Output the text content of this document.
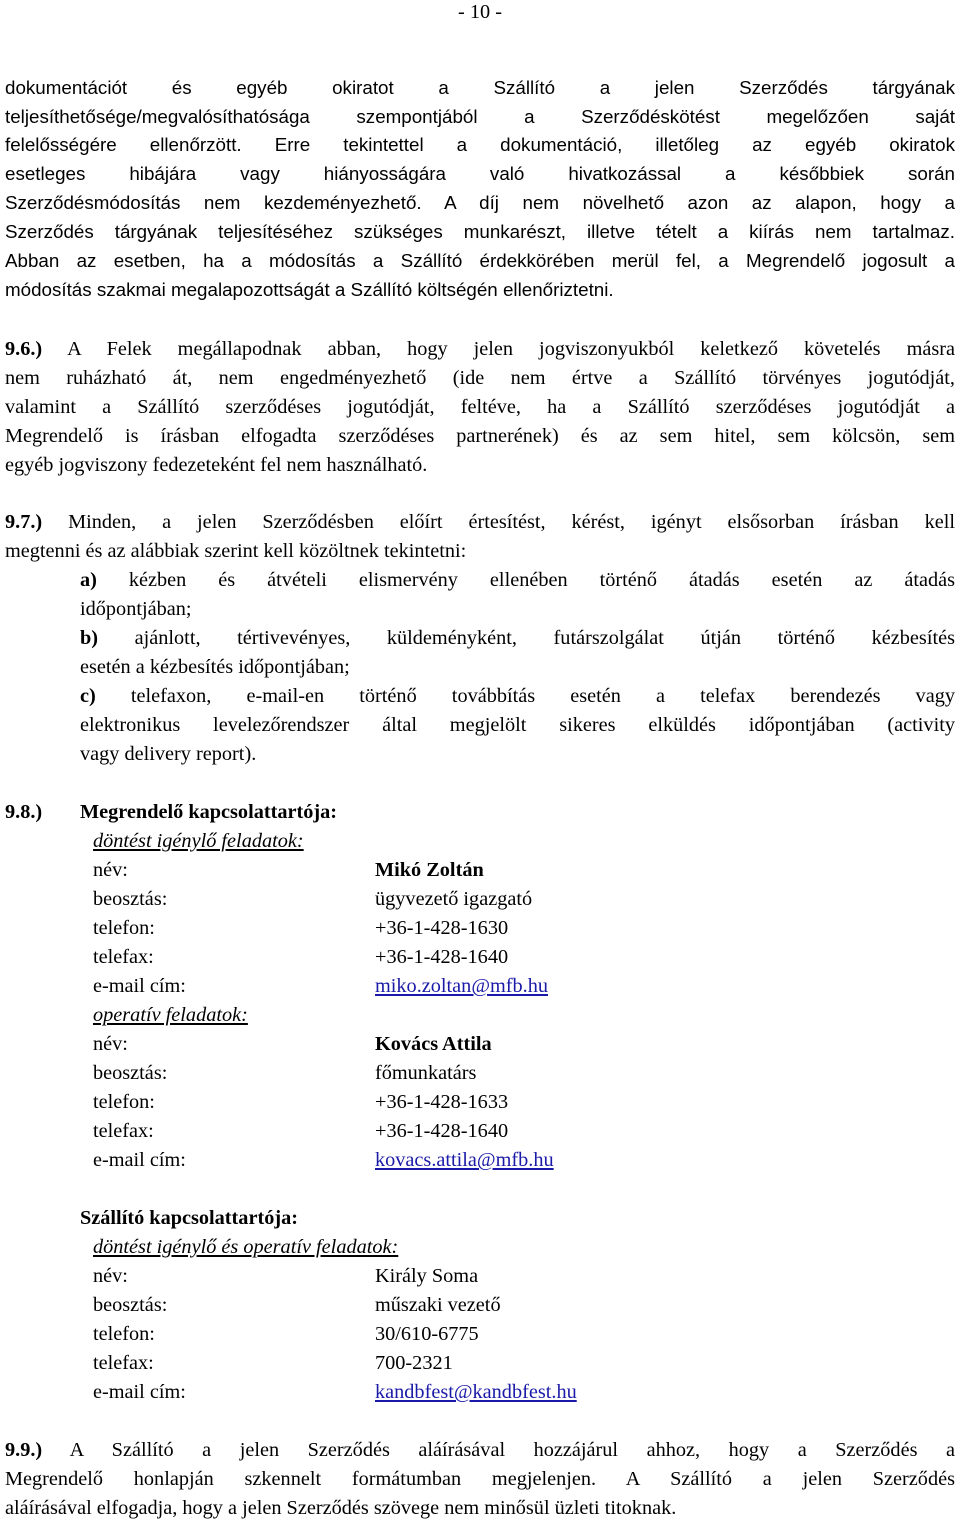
- 10 -
dokumentációt és egyéb okiratot a Szállító a jelen Szerződés tárgyának
teljesíthetősége/megvalósíthatósága szempontjából a Szerződéskötést megelőzően saját
felelősségére ellenőrzött. Erre tekintettel a dokumentáció, illetőleg az egyéb okiratok
esetleges hibájára vagy hiányosságára való hivatkozással a későbbiek során
Szerződésmódosítás nem kezdeményezhető. A díj nem növelhető azon az alapon, hogy a
Szerződés tárgyának teljesítéséhez szükséges munkarészt, illetve tételt a kiírás nem tartalmaz.
Abban az esetben, ha a módosítás a Szállító érdekkörében merül fel, a Megrendelő jogosult a
módosítás szakmai megalapozottságát a Szállító költségén ellenőriztetni.
9.6.) A Felek megállapodnak abban, hogy jelen jogviszonyukból keletkező követelés másra
nem ruházható át, nem engedményezhető (ide nem értve a Szállító törvényes jogutódját,
valamint a Szállító szerződéses jogutódját, feltéve, ha a Szállító szerződéses jogutódját a
Megrendelő is írásban elfogadta szerződéses partnerének) és az sem hitel, sem kölcsön, sem
egyéb jogviszony fedezeteként fel nem használható.
9.7.) Minden, a jelen Szerződésben előírt értesítést, kérést, igényt elsősorban írásban kell
megtenni és az alábbiak szerint kell közöltnek tekintetni:
a) kézben és átvételi elismervény ellenében történő átadás esetén az átadás
időpontjában;
b) ajánlott, tértivevényes, küldeményként, futárszolgálat útján történő kézbesítés
esetén a kézbesítés időpontjában;
c) telefaxon, e-mail-en történő továbbítás esetén a telefax berendezés vagy
elektronikus levelezőrendszer által megjelölt sikeres elküldés időpontjában (activity
vagy delivery report).
9.8.) Megrendelő kapcsolattartója:
döntést igénylő feladatok:
név:	Mikó Zoltán
beosztás:	ügyvezető igazgató
telefon:	+36-1-428-1630
telefax:	+36-1-428-1640
e-mail cím:	miko.zoltan@mfb.hu
operatív feladatok:
név:	Kovács Attila
beosztás:	főmunkatárs
telefon:	+36-1-428-1633
telefax:	+36-1-428-1640
e-mail cím:	kovacs.attila@mfb.hu
Szállító kapcsolattartója:
döntést igénylő és operatív feladatok:
név:	Király Soma
beosztás:	műszaki vezető
telefon:	30/610-6775
telefax:	700-2321
e-mail cím:	kandbfest@kandbfest.hu
9.9.) A Szállító a jelen Szerződés aláírásával hozzájárul ahhoz, hogy a Szerződés a
Megrendelő honlapján szkennelt formátumban megjelenjen. A Szállító a jelen Szerződés
aláírásával elfogadja, hogy a jelen Szerződés szövege nem minősül üzleti titoknak.
